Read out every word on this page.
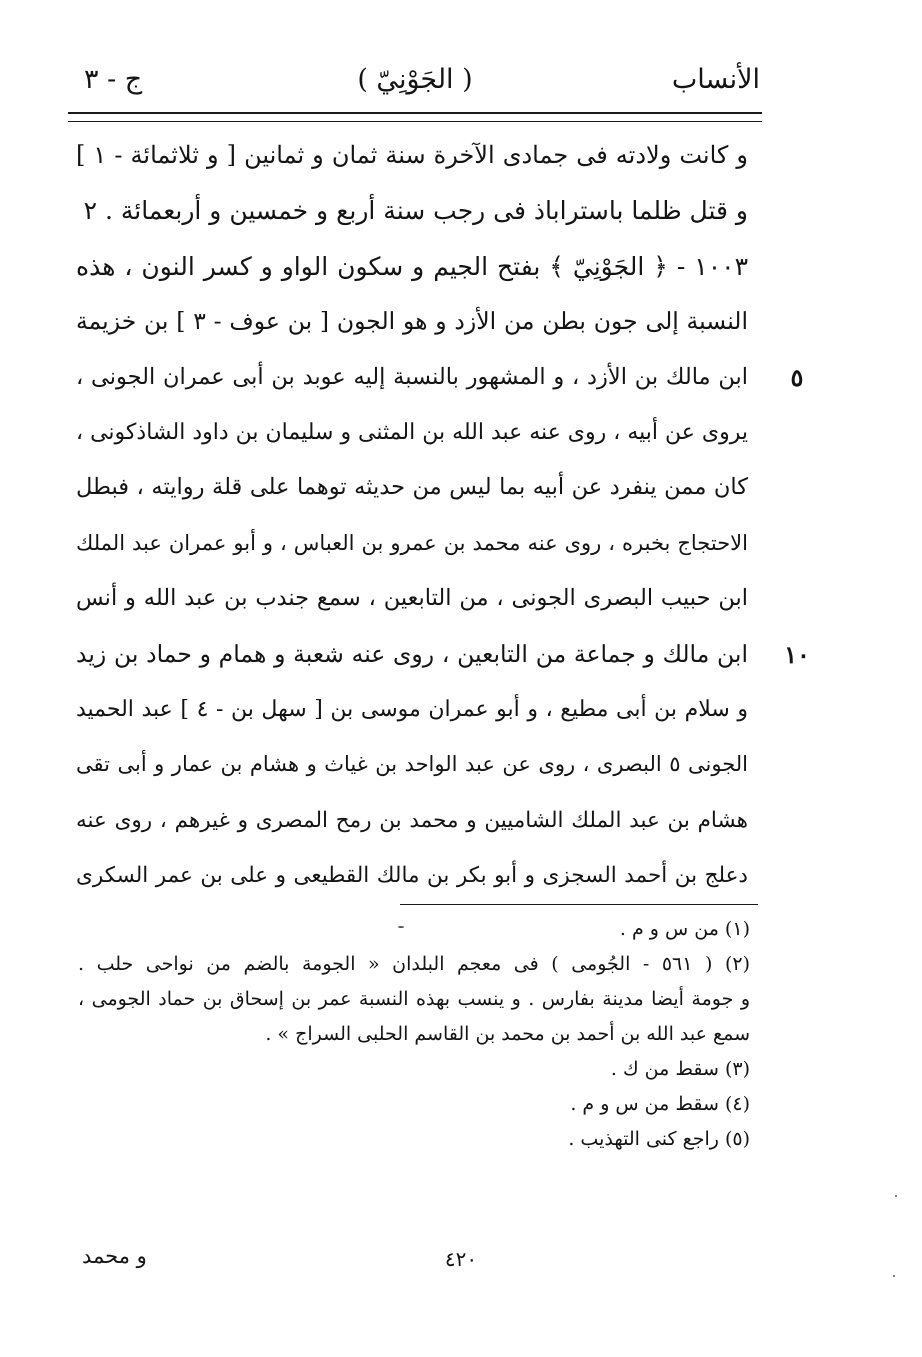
الأنساب
( الجَوْنِيّ )
ج - ٣
و كانت ولادته فى جمادى الآخرة سنة ثمان و ثمانين [ و ثلاثمائة - ١ ]
و قتل ظلما باستراباذ فى رجب سنة أربع و خمسين و أربعمائة . ٢
١٠٠٣ - ﴿ الجَوْنِيّ ﴾ بفتح الجيم و سكون الواو و كسر النون ، هذه
النسبة إلى جون بطن من الأزد و هو الجون [ بن عوف - ٣ ] بن خزيمة
ابن مالك بن الأزد ، و المشهور بالنسبة إليه عوبد بن أبى عمران الجونى ،
يروى عن أبيه ، روى عنه عبد الله بن المثنى و سليمان بن داود الشاذكونى ،
كان ممن ينفرد عن أبيه بما ليس من حديثه توهما على قلة روايته ، فبطل
الاحتجاج بخبره ، روى عنه محمد بن عمرو بن العباس ، و أبو عمران عبد الملك
ابن حبيب البصرى الجونى ، من التابعين ، سمع جندب بن عبد الله و أنس
ابن مالك و جماعة من التابعين ، روى عنه شعبة و همام و حماد بن زيد
و سلام بن أبى مطيع ، و أبو عمران موسى بن [ سهل بن - ٤ ] عبد الحميد
الجونى ٥ البصرى ، روى عن عبد الواحد بن غياث و هشام بن عمار و أبى تقى
هشام بن عبد الملك الشاميين و محمد بن رمح المصرى و غيرهم ، روى عنه
دعلج بن أحمد السجزى و أبو بكر بن مالك القطيعى و على بن عمر السكرى
٥
١٠
(١) من س و م .
(٢) ( ٥٦١ - الجُومى ) فى معجم البلدان « الجومة بالضم من نواحى حلب .
و جومة أيضا مدينة بفارس . و ينسب بهذه النسبة عمر بن إسحاق بن حماد الجومى ،
سمع عبد الله بن أحمد بن محمد بن القاسم الحلبى السراج » .
(٣) سقط من ك .
(٤) سقط من س و م .
(٥) راجع كنى التهذيب .
٤٢٠
و محمد
